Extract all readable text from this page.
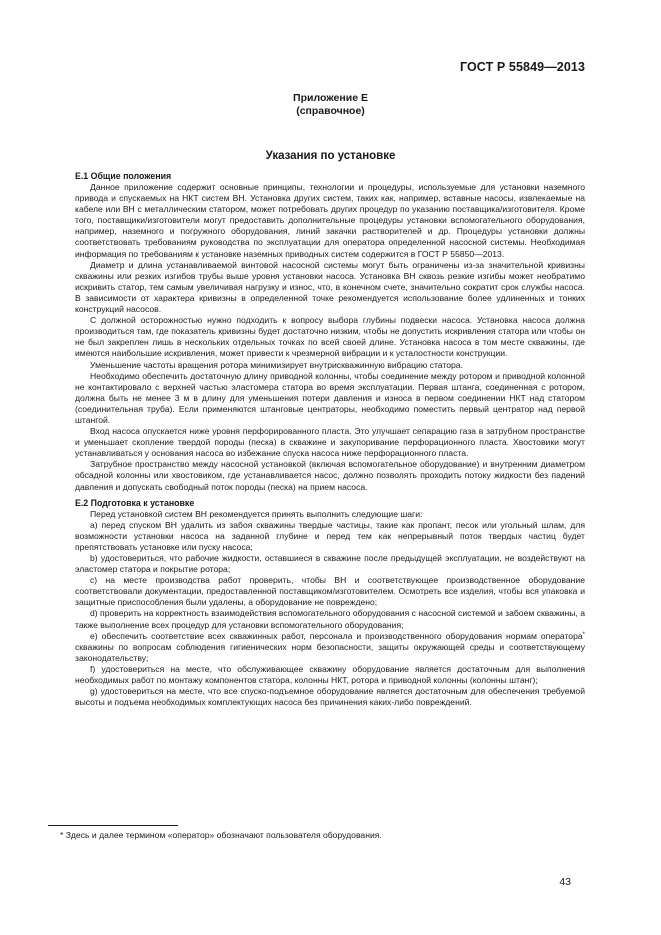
ГОСТ Р 55849—2013
Приложение Е
(справочное)
Указания по установке
Е.1 Общие положения

Данное приложение содержит основные принципы, технологии и процедуры, используемые для установки наземного привода и спускаемых на НКТ систем ВН. Установка других систем, таких как, например, вставные насосы, извлекаемые на кабеле или ВН с металлическим статором, может потребовать других процедур по указанию поставщика/изготовителя. Кроме того, поставщики/изготовители могут предоставить дополнительные процедуры установки вспомогательного оборудования, например, наземного и погружного оборудования, линий закачки растворителей и др. Процедуры установки должны соответствовать требованиям руководства по эксплуатации для оператора определенной насосной системы. Необходимая информация по требованиям к установке наземных приводных систем содержится в ГОСТ Р 55850—2013.

Диаметр и длина устанавливаемой винтовой насосной системы могут быть ограничены из-за значительной кривизны скважины или резких изгибов трубы выше уровня установки насоса. Установка ВН сквозь резкие изгибы может необратимо искривить статор, тем самым увеличивая нагрузку и износ, что, в конечном счете, значительно сократит срок службы насоса. В зависимости от характера кривизны в определенной точке рекомендуется использование более удлиненных и тонких конструкций насосов.

С должной осторожностью нужно подходить к вопросу выбора глубины подвески насоса. Установка насоса должна производиться там, где показатель кривизны будет достаточно низким, чтобы не допустить искривления статора или чтобы он не был закреплен лишь в нескольких отдельных точках по всей своей длине. Установка насоса в том месте скважины, где имеются наибольшие искривления, может привести к чрезмерной вибрации и к усталостности конструкции.

Уменьшение частоты вращения ротора минимизирует внутрискважинную вибрацию статора.

Необходимо обеспечить достаточную длину приводной колонны, чтобы соединение между ротором и приводной колонной не контактировало с верхней частью эластомера статора во время эксплуатации. Первая штанга, соединенная с ротором, должна быть не менее 3 м в длину для уменьшения потери давления и износа в первом соединении НКТ над статором (соединительная труба). Если применяются штанговые центраторы, необходимо поместить первый центратор над первой штангой.

Вход насоса опускается ниже уровня перфорированного пласта. Это улучшает сепарацию газа в затрубном пространстве и уменьшает скопление твердой породы (песка) в скважине и закупоривание перфорационного пласта. Хвостовики могут устанавливаться у основания насоса во избежание спуска насоса ниже перфорационного пласта.

Затрубное пространство между насосной установкой (включая вспомогательное оборудование) и внутренним диаметром обсадной колонны или хвостовиком, где устанавливается насос, должно позволять проходить потоку жидкости без падений давления и допускать свободный поток породы (песка) на прием насоса.

Е.2 Подготовка к установке

Перед установкой систем ВН рекомендуется принять выполнить следующие шаги:

а) перед спуском ВН удалить из забоя скважины твердые частицы, такие как пропант, песок или угольный шлам, для возможности установки насоса на заданной глубине и перед тем как непрерывный поток твердых частиц будет препятствовать установке или пуску насоса;

b) удостовериться, что рабочие жидкости, оставшиеся в скважине после предыдущей эксплуатации, не воздействуют на эластомер статора и покрытие ротора;

с) на месте производства работ проверить, чтобы ВН и соответствующее производственное оборудование соответствовали документации, предоставленной поставщиком/изготовителем. Осмотреть все изделия, чтобы вся упаковка и защитные приспособления были удалены, а оборудование не повреждено;

d) проверить на корректность взаимодействия вспомогательного оборудования с насосной системой и забоем скважины, а также выполнение всех процедур для установки вспомогательного оборудования;

е) обеспечить соответствие всех скважинных работ, персонала и производственного оборудования нормам оператора* скважины по вопросам соблюдения гигиенических норм безопасности, защиты окружающей среды и соответствующему законодательству;

f) удостовериться на месте, что обслуживающее скважину оборудование является достаточным для выполнения необходимых работ по монтажу компонентов статора, колонны НКТ, ротора и приводной колонны (колонны штанг);

g) удостовериться на месте, что все спуско-подъемное оборудование является достаточным для обеспечения требуемой высоты и подъема необходимых комплектующих насоса без причинения каких-либо повреждений.

* Здесь и далее термином «оператор» обозначают пользователя оборудования.
43
